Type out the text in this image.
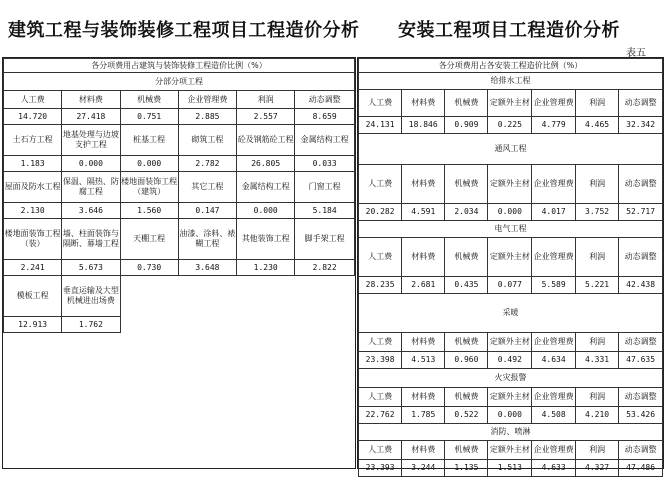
建筑工程与装饰装修工程项目工程造价分析 安装工程项目工程造价分析
表五
各分项费用占建筑与装饰装修工程造价比例（%）					
分部分项工程					
人工费	材料费	机械费	企业管理费	利润	动态调整
14.720	27.418	0.751	2.885	2.557	8.659
土石方工程	地基处理与边坡支护工程	桩基工程	砌筑工程	砼及钢筋砼工程	金属结构工程
1.183	0.000	0.000	2.782	26.805	0.033
屋面及防水工程	保温、隔热、防腐工程	楼地面装饰工程（建筑）	其它工程	金属结构工程	门窗工程
2.130	3.646	1.560	0.147	0.000	5.184
楼地面装饰工程（装）	墙、柱面装饰与隔断、幕墙工程	天棚工程	油漆、涂料、裱糊工程	其他装饰工程	脚手架工程
2.241	5.673	0.730	3.648	1.230	2.822
模板工程	垂直运输及大型机械进出场费				
12.913	1.762				

各分项费用占各安装工程造价比例（%）						
给排水工程						
人工费	材料费	机械费	定额外主材	企业管理费	利润	动态调整
24.131	18.846	0.909	0.225	4.779	4.465	32.342
通风工程						
人工费	材料费	机械费	定额外主材	企业管理费	利润	动态调整
20.282	4.591	2.034	0.000	4.017	3.752	52.717
电气工程						
人工费	材料费	机械费	定额外主材	企业管理费	利润	动态调整
28.235	2.681	0.435	0.077	5.589	5.221	42.438
采暖						
人工费	材料费	机械费	定额外主材	企业管理费	利润	动态调整
23.398	4.513	0.960	0.492	4.634	4.331	47.635
火灾报警						
人工费	材料费	机械费	定额外主材	企业管理费	利润	动态调整
22.762	1.785	0.522	0.000	4.508	4.210	53.426
消防、喷淋						
人工费	材料费	机械费	定额外主材	企业管理费	利润	动态调整
23.393	3.244	1.135	1.513	4.633	4.327	47.486
